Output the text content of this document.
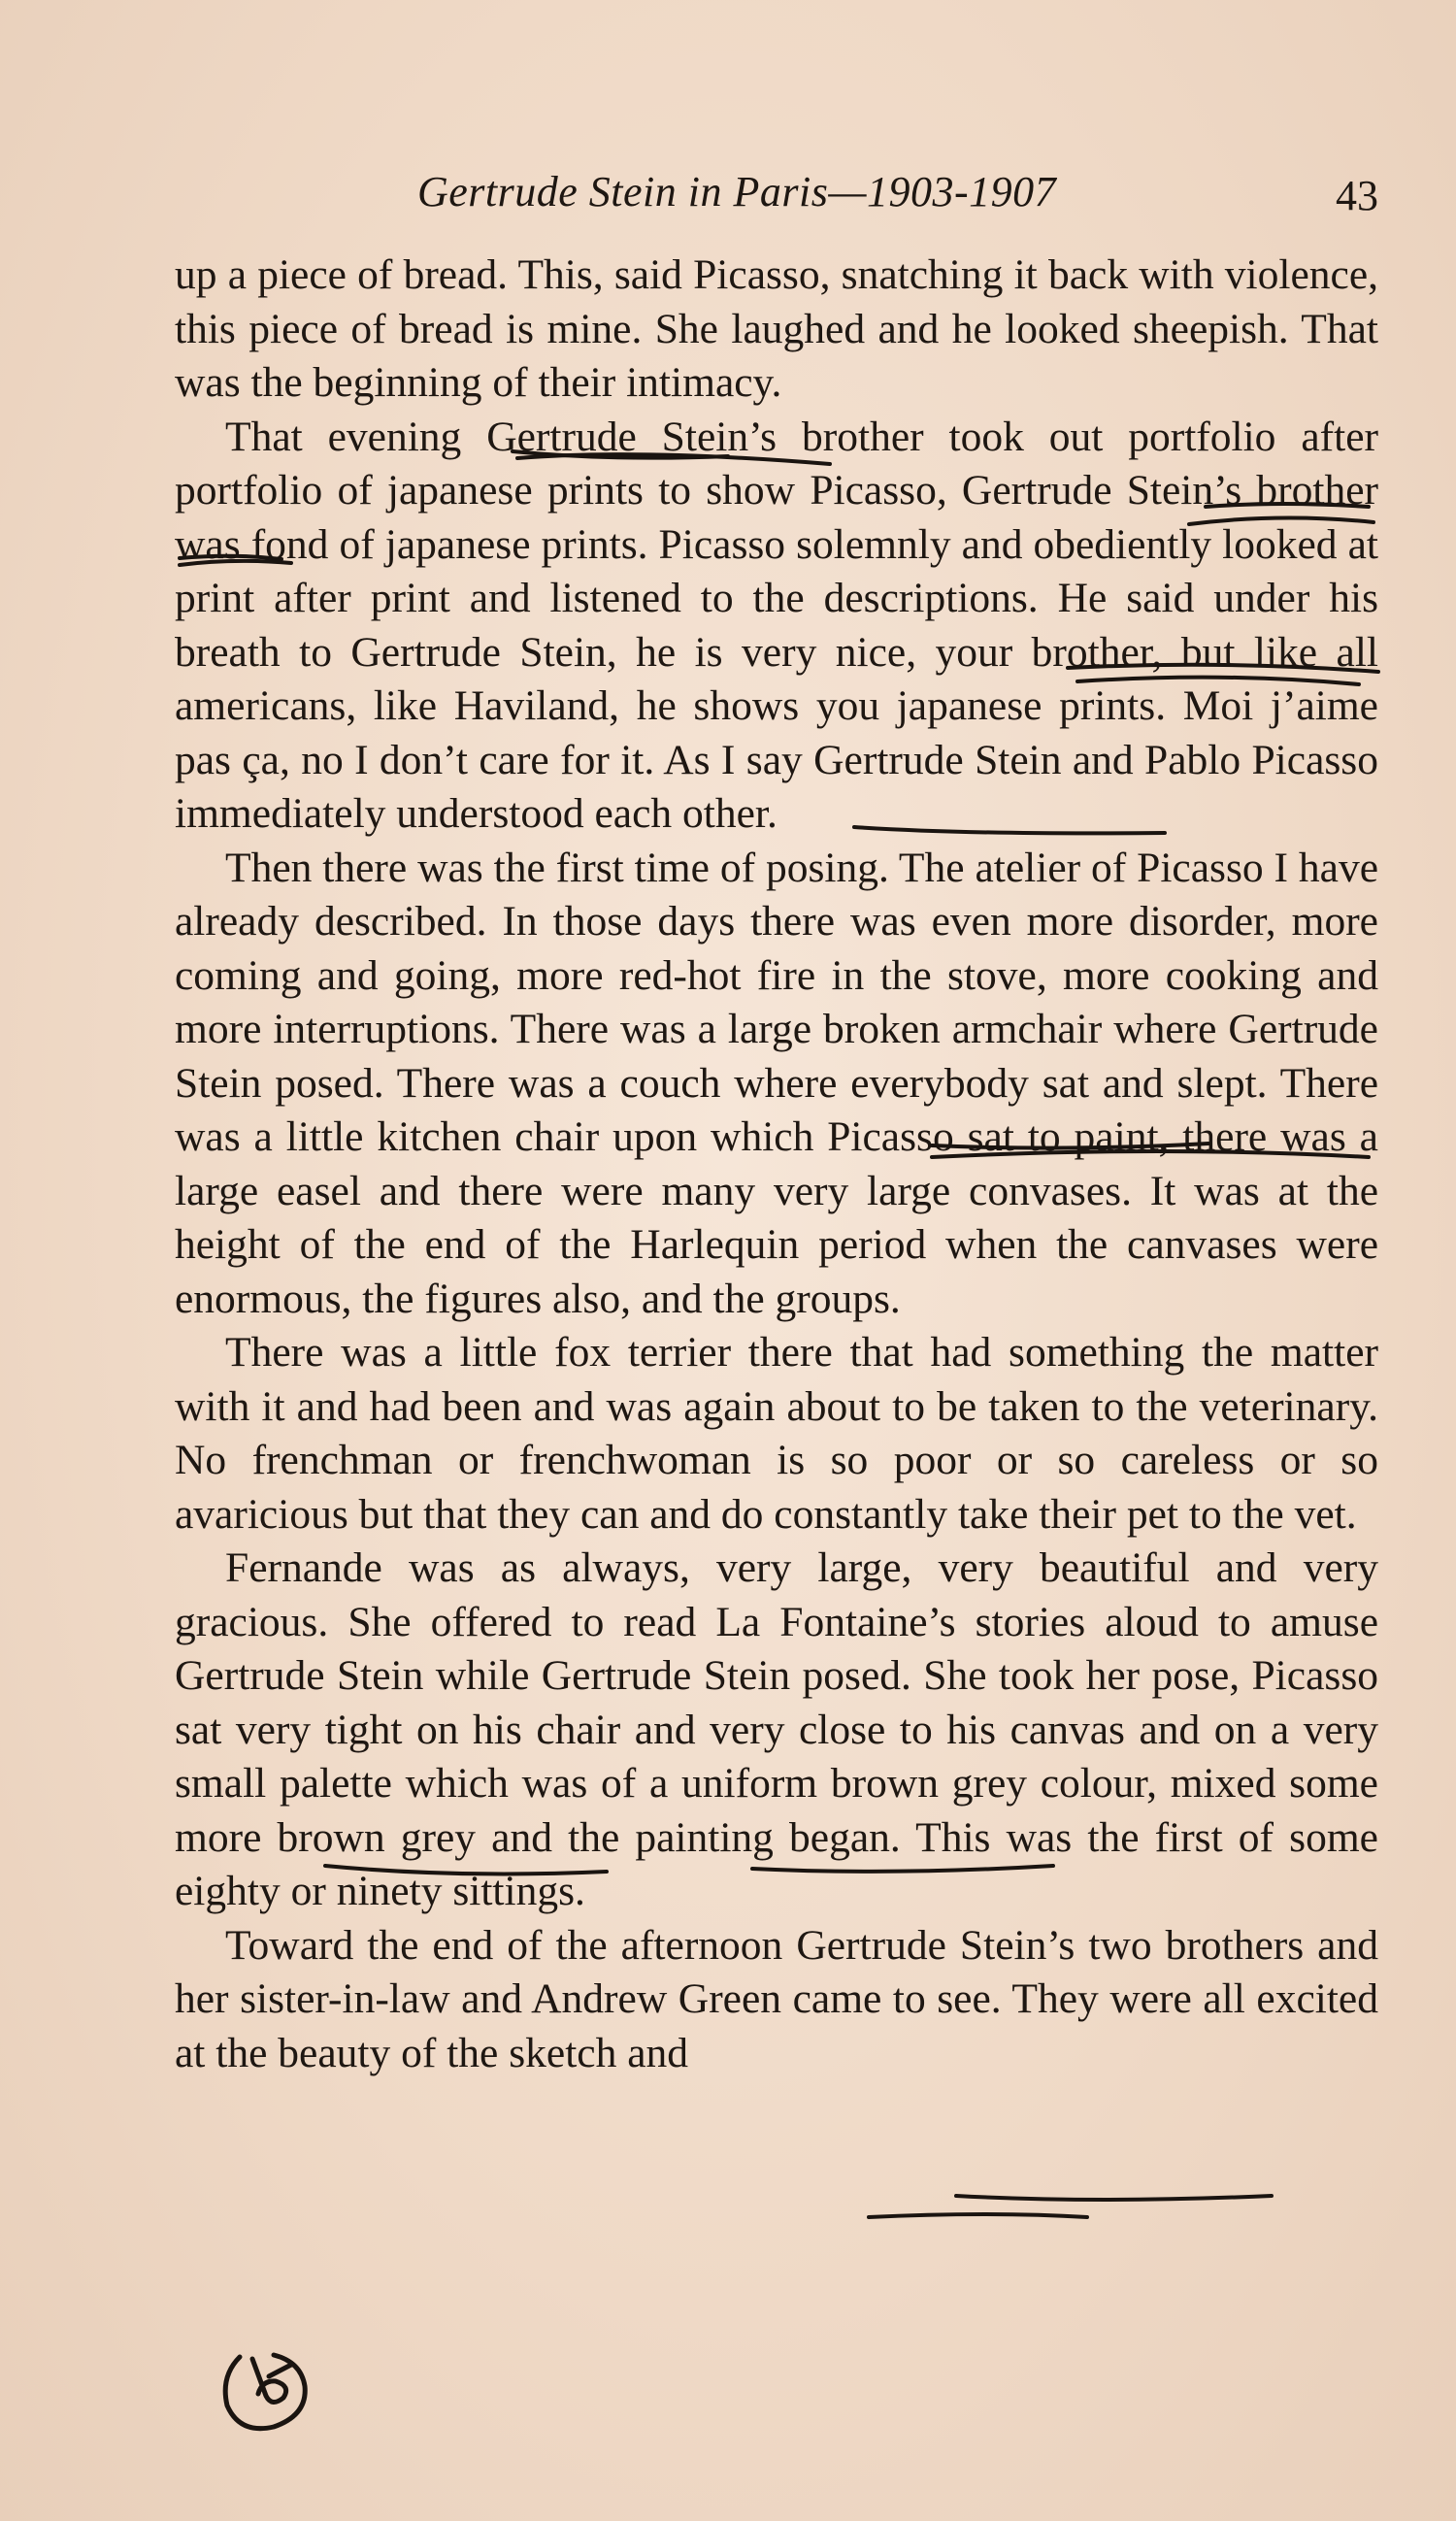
Gertrude Stein in Paris—1903-1907	43

up a piece of bread. This, said Picasso, snatching it back with violence, this piece of bread is mine. She laughed and he looked sheepish. That was the beginning of their intimacy.

That evening Gertrude Stein’s brother took out portfolio after portfolio of japanese prints to show Picasso, Gertrude Stein’s brother was fond of japanese prints. Picasso solemnly and obediently looked at print after print and listened to the descriptions. He said under his breath to Gertrude Stein, he is very nice, your brother, but like all americans, like Haviland, he shows you japanese prints. Moi j’aime pas ça, no I don’t care for it. As I say Gertrude Stein and Pablo Picasso immediately understood each other.

Then there was the first time of posing. The atelier of Picasso I have already described. In those days there was even more disorder, more coming and going, more red-hot fire in the stove, more cooking and more interruptions. There was a large broken armchair where Gertrude Stein posed. There was a couch where everybody sat and slept. There was a little kitchen chair upon which Picasso sat to paint, there was a large easel and there were many very large convases. It was at the height of the end of the Harlequin period when the canvases were enormous, the figures also, and the groups.

There was a little fox terrier there that had something the matter with it and had been and was again about to be taken to the veterinary. No frenchman or frenchwoman is so poor or so careless or so avaricious but that they can and do constantly take their pet to the vet.

Fernande was as always, very large, very beautiful and very gracious. She offered to read La Fontaine’s stories aloud to amuse Gertrude Stein while Gertrude Stein posed. She took her pose, Picasso sat very tight on his chair and very close to his canvas and on a very small palette which was of a uniform brown grey colour, mixed some more brown grey and the painting began. This was the first of some eighty or ninety sittings.

Toward the end of the afternoon Gertrude Stein’s two brothers and her sister-in-law and Andrew Green came to see. They were all excited at the beauty of the sketch and
